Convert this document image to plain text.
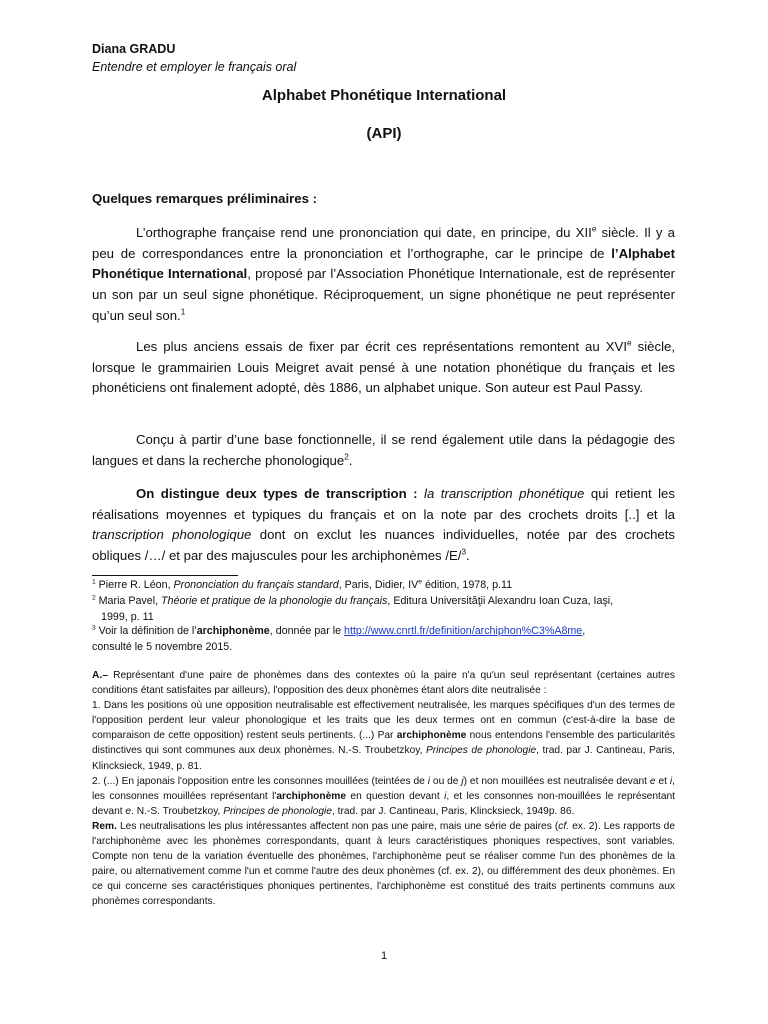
Diana GRADU
Entendre et employer le français oral
Alphabet Phonétique International
(API)
Quelques remarques préliminaires :

L’orthographe française rend une prononciation qui date, en principe, du XIIe siècle. Il y a peu de correspondances entre la prononciation et l’orthographe, car le principe de l’Alphabet Phonétique International, proposé par l’Association Phonétique Internationale, est de représenter un son par un seul signe phonétique. Réciproquement, un signe phonétique ne peut représenter qu’un seul son.$^1$

Les plus anciens essais de fixer par écrit ces représentations remontent au XVIe siècle, lorsque le grammairien Louis Meigret avait pensé à une notation phonétique du français et les phonéticiens ont finalement adopté, dès 1886, un alphabet unique. Son auteur est Paul Passy.

Conçu à partir d’une base fonctionnelle, il se rend également utile dans la pédagogie des langues et dans la recherche phonologique$^2$.

On distingue deux types de transcription : la transcription phonétique qui retient les réalisations moyennes et typiques du français et on la note par des crochets droits [..] et la transcription phonologique dont on exclut les nuances individuelles, notée par des crochets obliques /…/ et par des majuscules pour les archiphonèmes /E/$^3$.

$^1$ Pierre R. Léon, Prononciation du français standard, Paris, Didier, IVe édition, 1978, p.11

$^2$ Maria Pavel, Théorie et pratique de la phonologie du français, Editura Universităţii Alexandru Ioan Cuza, Iaşi,
1999, p. 11

$^3$ Voir la définition de l’archiphonème, donnée par le http://www.cnrtl.fr/definition/archiphon%C3%A8me,
consulté le 5 novembre 2015.

A.– Représentant d'une paire de phonèmes dans des contextes où la paire n'a qu'un seul représentant (certaines autres conditions étant satisfaites par ailleurs), l'opposition des deux phonèmes étant alors dite neutralisée :

1. Dans les positions où une opposition neutralisable est effectivement neutralisée, les marques spécifiques d'un des termes de l'opposition perdent leur valeur phonologique et les traits que les deux termes ont en commun (c'est-à-dire la base de comparaison de cette opposition) restent seuls pertinents. (...) Par archiphonème nous entendons l'ensemble des particularités distinctives qui sont communes aux deux phonèmes. N.-S. Troubetzkoy, Principes de phonologie, trad. par J. Cantineau, Paris, Klincksieck, 1949, p. 81.

2. (...) En japonais l'opposition entre les consonnes mouillées (teintées de i ou de j) et non mouillées est neutralisée devant e et i, les consonnes mouillées représentant l'archiphonème en question devant i, et les consonnes non-mouillées le représentant devant e. N.-S. Troubetzkoy, Principes de phonologie, trad. par J. Cantineau, Paris, Klincksieck, 1949p. 86.

Rem. Les neutralisations les plus intéressantes affectent non pas une paire, mais une série de paires (cf. ex. 2). Les rapports de l'archiphonème avec les phonèmes correspondants, quant à leurs caractéristiques phoniques respectives, sont variables. Compte non tenu de la variation éventuelle des phonèmes, l'archiphonème peut se réaliser comme l'un des phonèmes de la paire, ou alternativement comme l'un et comme l'autre des deux phonèmes (cf. ex. 2), ou différemment des deux phonèmes. En ce qui concerne ses caractéristiques phoniques pertinentes, l'archiphonème est constitué des traits pertinents communs aux phonèmes correspondants.

1
